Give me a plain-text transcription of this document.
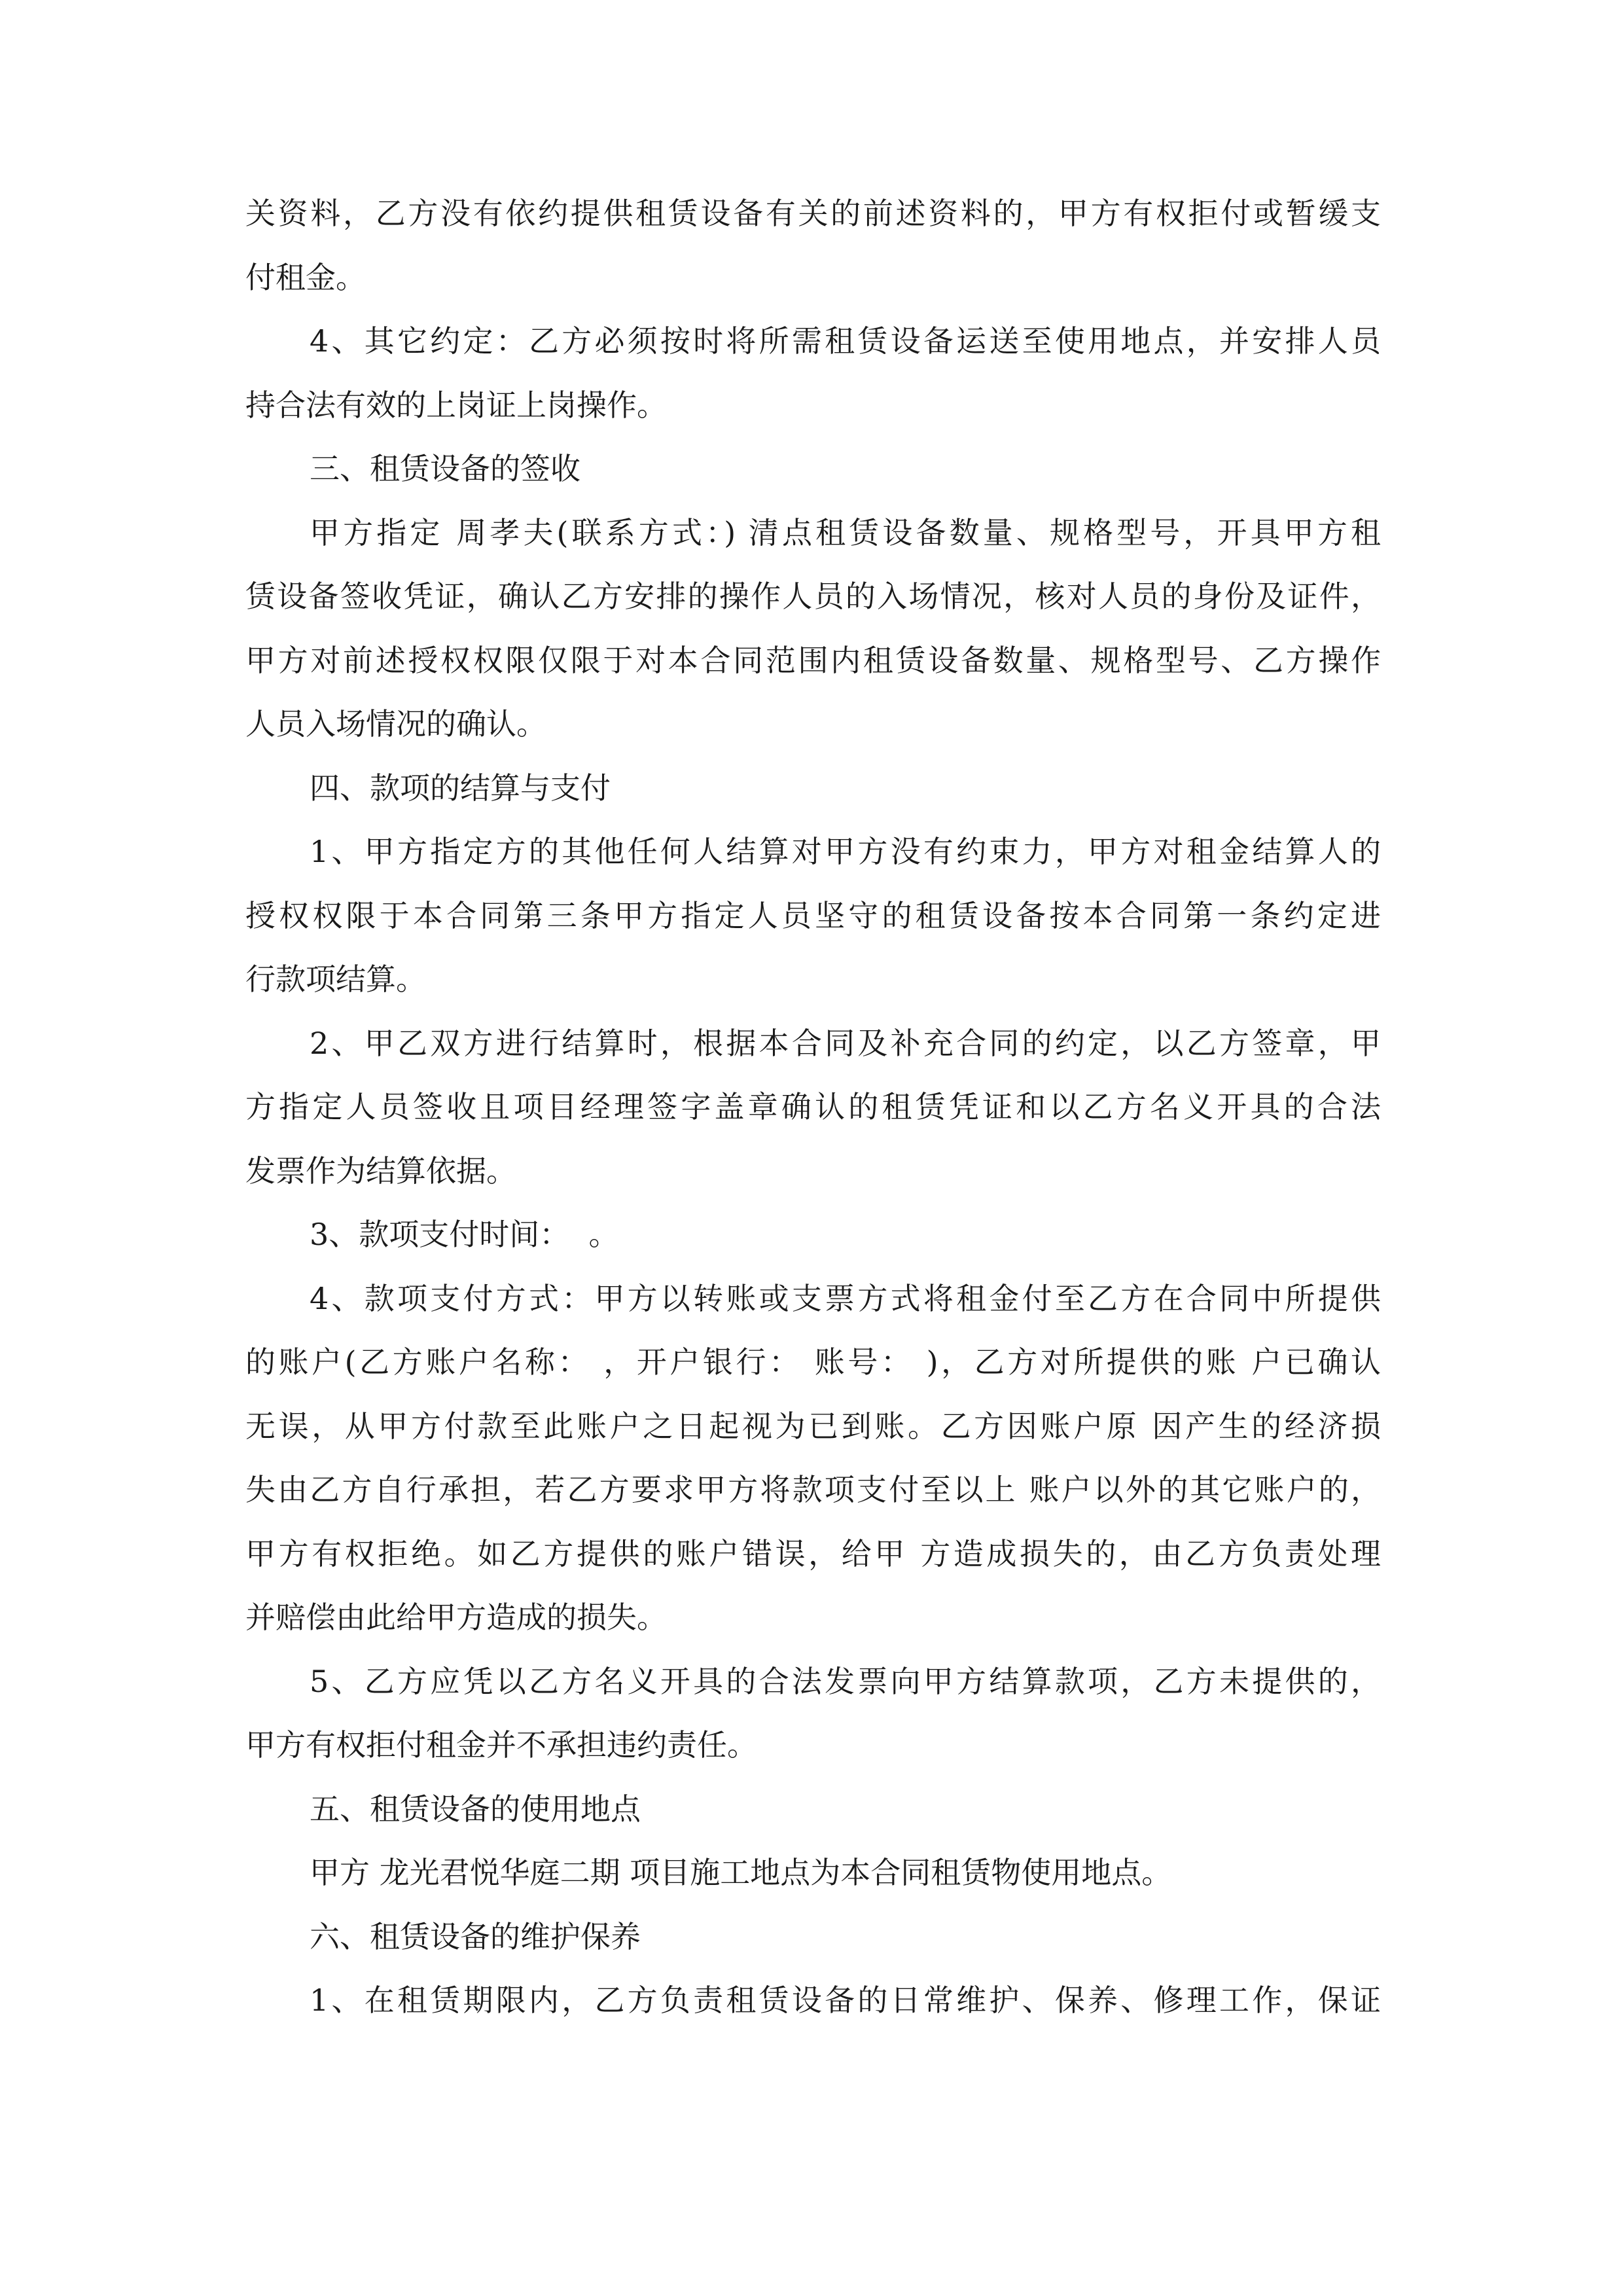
关资料，乙方没有依约提供租赁设备有关的前述资料的，甲方有权拒付或暂缓支

付租金。

4、其它约定：乙方必须按时将所需租赁设备运送至使用地点，并安排人员

持合法有效的上岗证上岗操作。

三、租赁设备的签收

甲方指定 周孝夫(联系方式：) 清点租赁设备数量、规格型号，开具甲方租

赁设备签收凭证，确认乙方安排的操作人员的入场情况，核对人员的身份及证件，

甲方对前述授权权限仅限于对本合同范围内租赁设备数量、规格型号、乙方操作

人员入场情况的确认。

四、款项的结算与支付

1、甲方指定方的其他任何人结算对甲方没有约束力，甲方对租金结算人的

授权权限于本合同第三条甲方指定人员坚守的租赁设备按本合同第一条约定进

行款项结算。

2、甲乙双方进行结算时，根据本合同及补充合同的约定，以乙方签章，甲

方指定人员签收且项目经理签字盖章确认的租赁凭证和以乙方名义开具的合法

发票作为结算依据。

3、款项支付时间：  。

4、款项支付方式：甲方以转账或支票方式将租金付至乙方在合同中所提供

的账户(乙方账户名称： ，开户银行： 账号： )，乙方对所提供的账 户已确认

无误，从甲方付款至此账户之日起视为已到账。乙方因账户原 因产生的经济损

失由乙方自行承担，若乙方要求甲方将款项支付至以上 账户以外的其它账户的，

甲方有权拒绝。如乙方提供的账户错误，给甲 方造成损失的，由乙方负责处理

并赔偿由此给甲方造成的损失。

5、乙方应凭以乙方名义开具的合法发票向甲方结算款项，乙方未提供的，

甲方有权拒付租金并不承担违约责任。

五、租赁设备的使用地点

甲方 龙光君悦华庭二期 项目施工地点为本合同租赁物使用地点。

六、租赁设备的维护保养

1、在租赁期限内，乙方负责租赁设备的日常维护、保养、修理工作，保证
